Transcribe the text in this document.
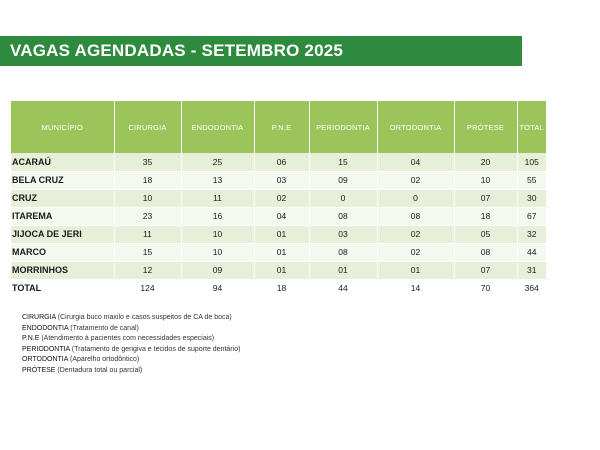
VAGAS AGENDADAS - SETEMBRO 2025
MUNICÍPIO	CIRURGIA	ENDODONTIA	P.N.E	PERIODONTIA	ORTODONTIA	PRÓTESE	TOTAL
ACARAÚ	35	25	06	15	04	20	105
BELA CRUZ	18	13	03	09	02	10	55
CRUZ	10	11	02	0	0	07	30
ITAREMA	23	16	04	08	08	18	67
JIJOCA DE JERI	11	10	01	03	02	05	32
MARCO	15	10	01	08	02	08	44
MORRINHOS	12	09	01	01	01	07	31
TOTAL	124	94	18	44	14	70	364
CIRURGIA (Cirurgia buco maxilo e casos suspeitos de CA de boca)
ENDODONTIA (Tratamento de canal)
P.N.E (Atendimento à pacientes com necessidades especiais)
PERIODONTIA (Tratamento de gengiva e tecidos de suporte dentário)
ORTODONTIA (Aparelho ortodôntico)
PRÓTESE (Dentadura total ou parcial)
